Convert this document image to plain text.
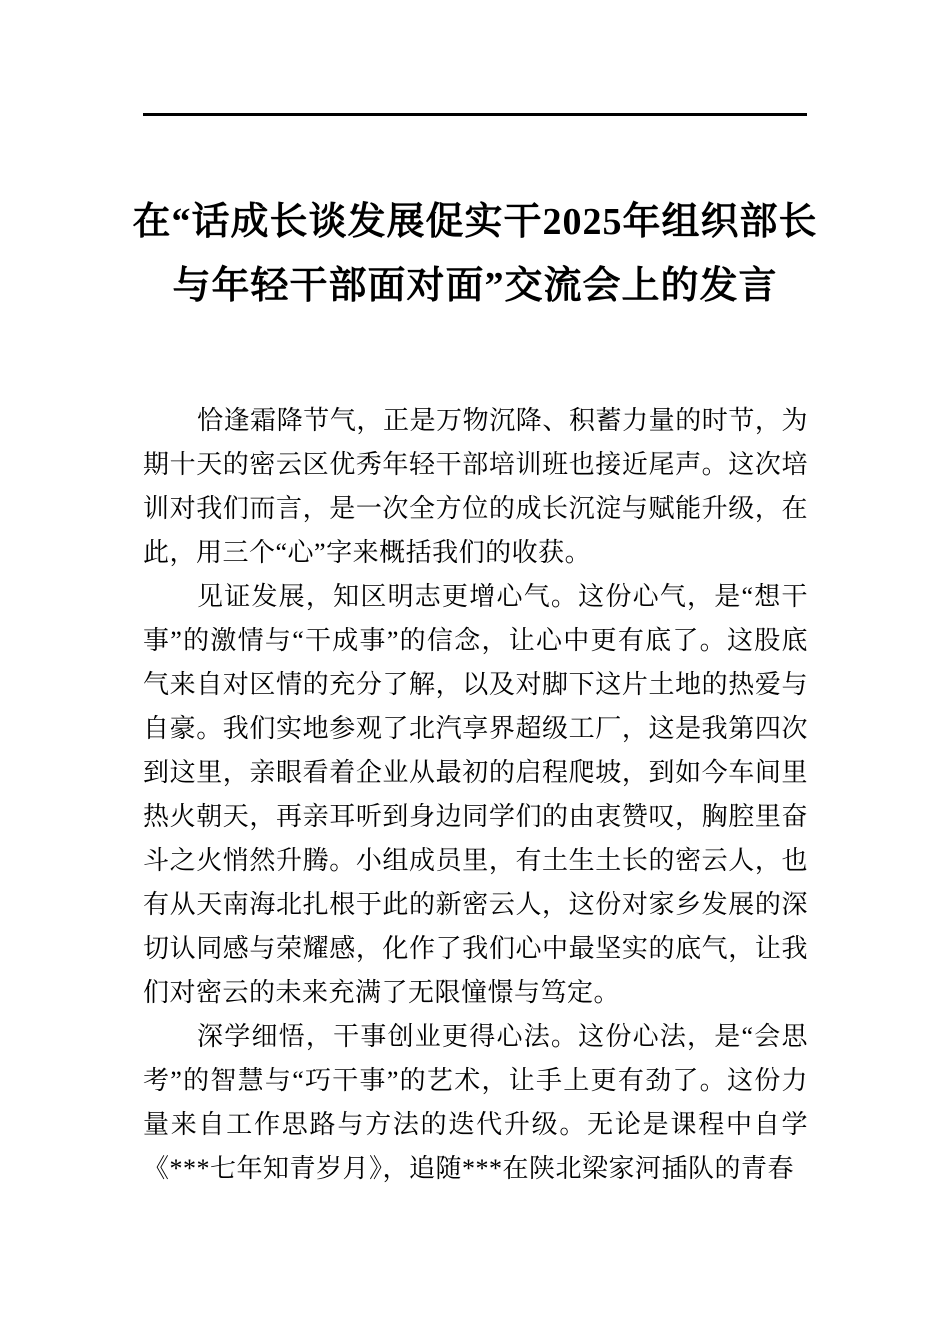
在“话成长谈发展促实干2025年组织部长
与年轻干部面对面”交流会上的发言

恰逢霜降节气，正是万物沉降、积蓄力量的时节，为期十天的密云区优秀年轻干部培训班也接近尾声。这次培训对我们而言，是一次全方位的成长沉淀与赋能升级，在此，用三个“心”字来概括我们的收获。

见证发展，知区明志更增心气。这份心气，是“想干事”的激情与“干成事”的信念，让心中更有底了。这股底气来自对区情的充分了解，以及对脚下这片土地的热爱与自豪。我们实地参观了北汽享界超级工厂，这是我第四次到这里，亲眼看着企业从最初的启程爬坡，到如今车间里热火朝天，再亲耳听到身边同学们的由衷赞叹，胸腔里奋斗之火悄然升腾。小组成员里，有土生土长的密云人，也有从天南海北扎根于此的新密云人，这份对家乡发展的深切认同感与荣耀感，化作了我们心中最坚实的底气，让我们对密云的未来充满了无限憧憬与笃定。

深学细悟，干事创业更得心法。这份心法，是“会思考”的智慧与“巧干事”的艺术，让手上更有劲了。这份力量来自工作思路与方法的迭代升级。无论是课程中自学《***七年知青岁月》，追随***在陕北梁家河插队的青春
